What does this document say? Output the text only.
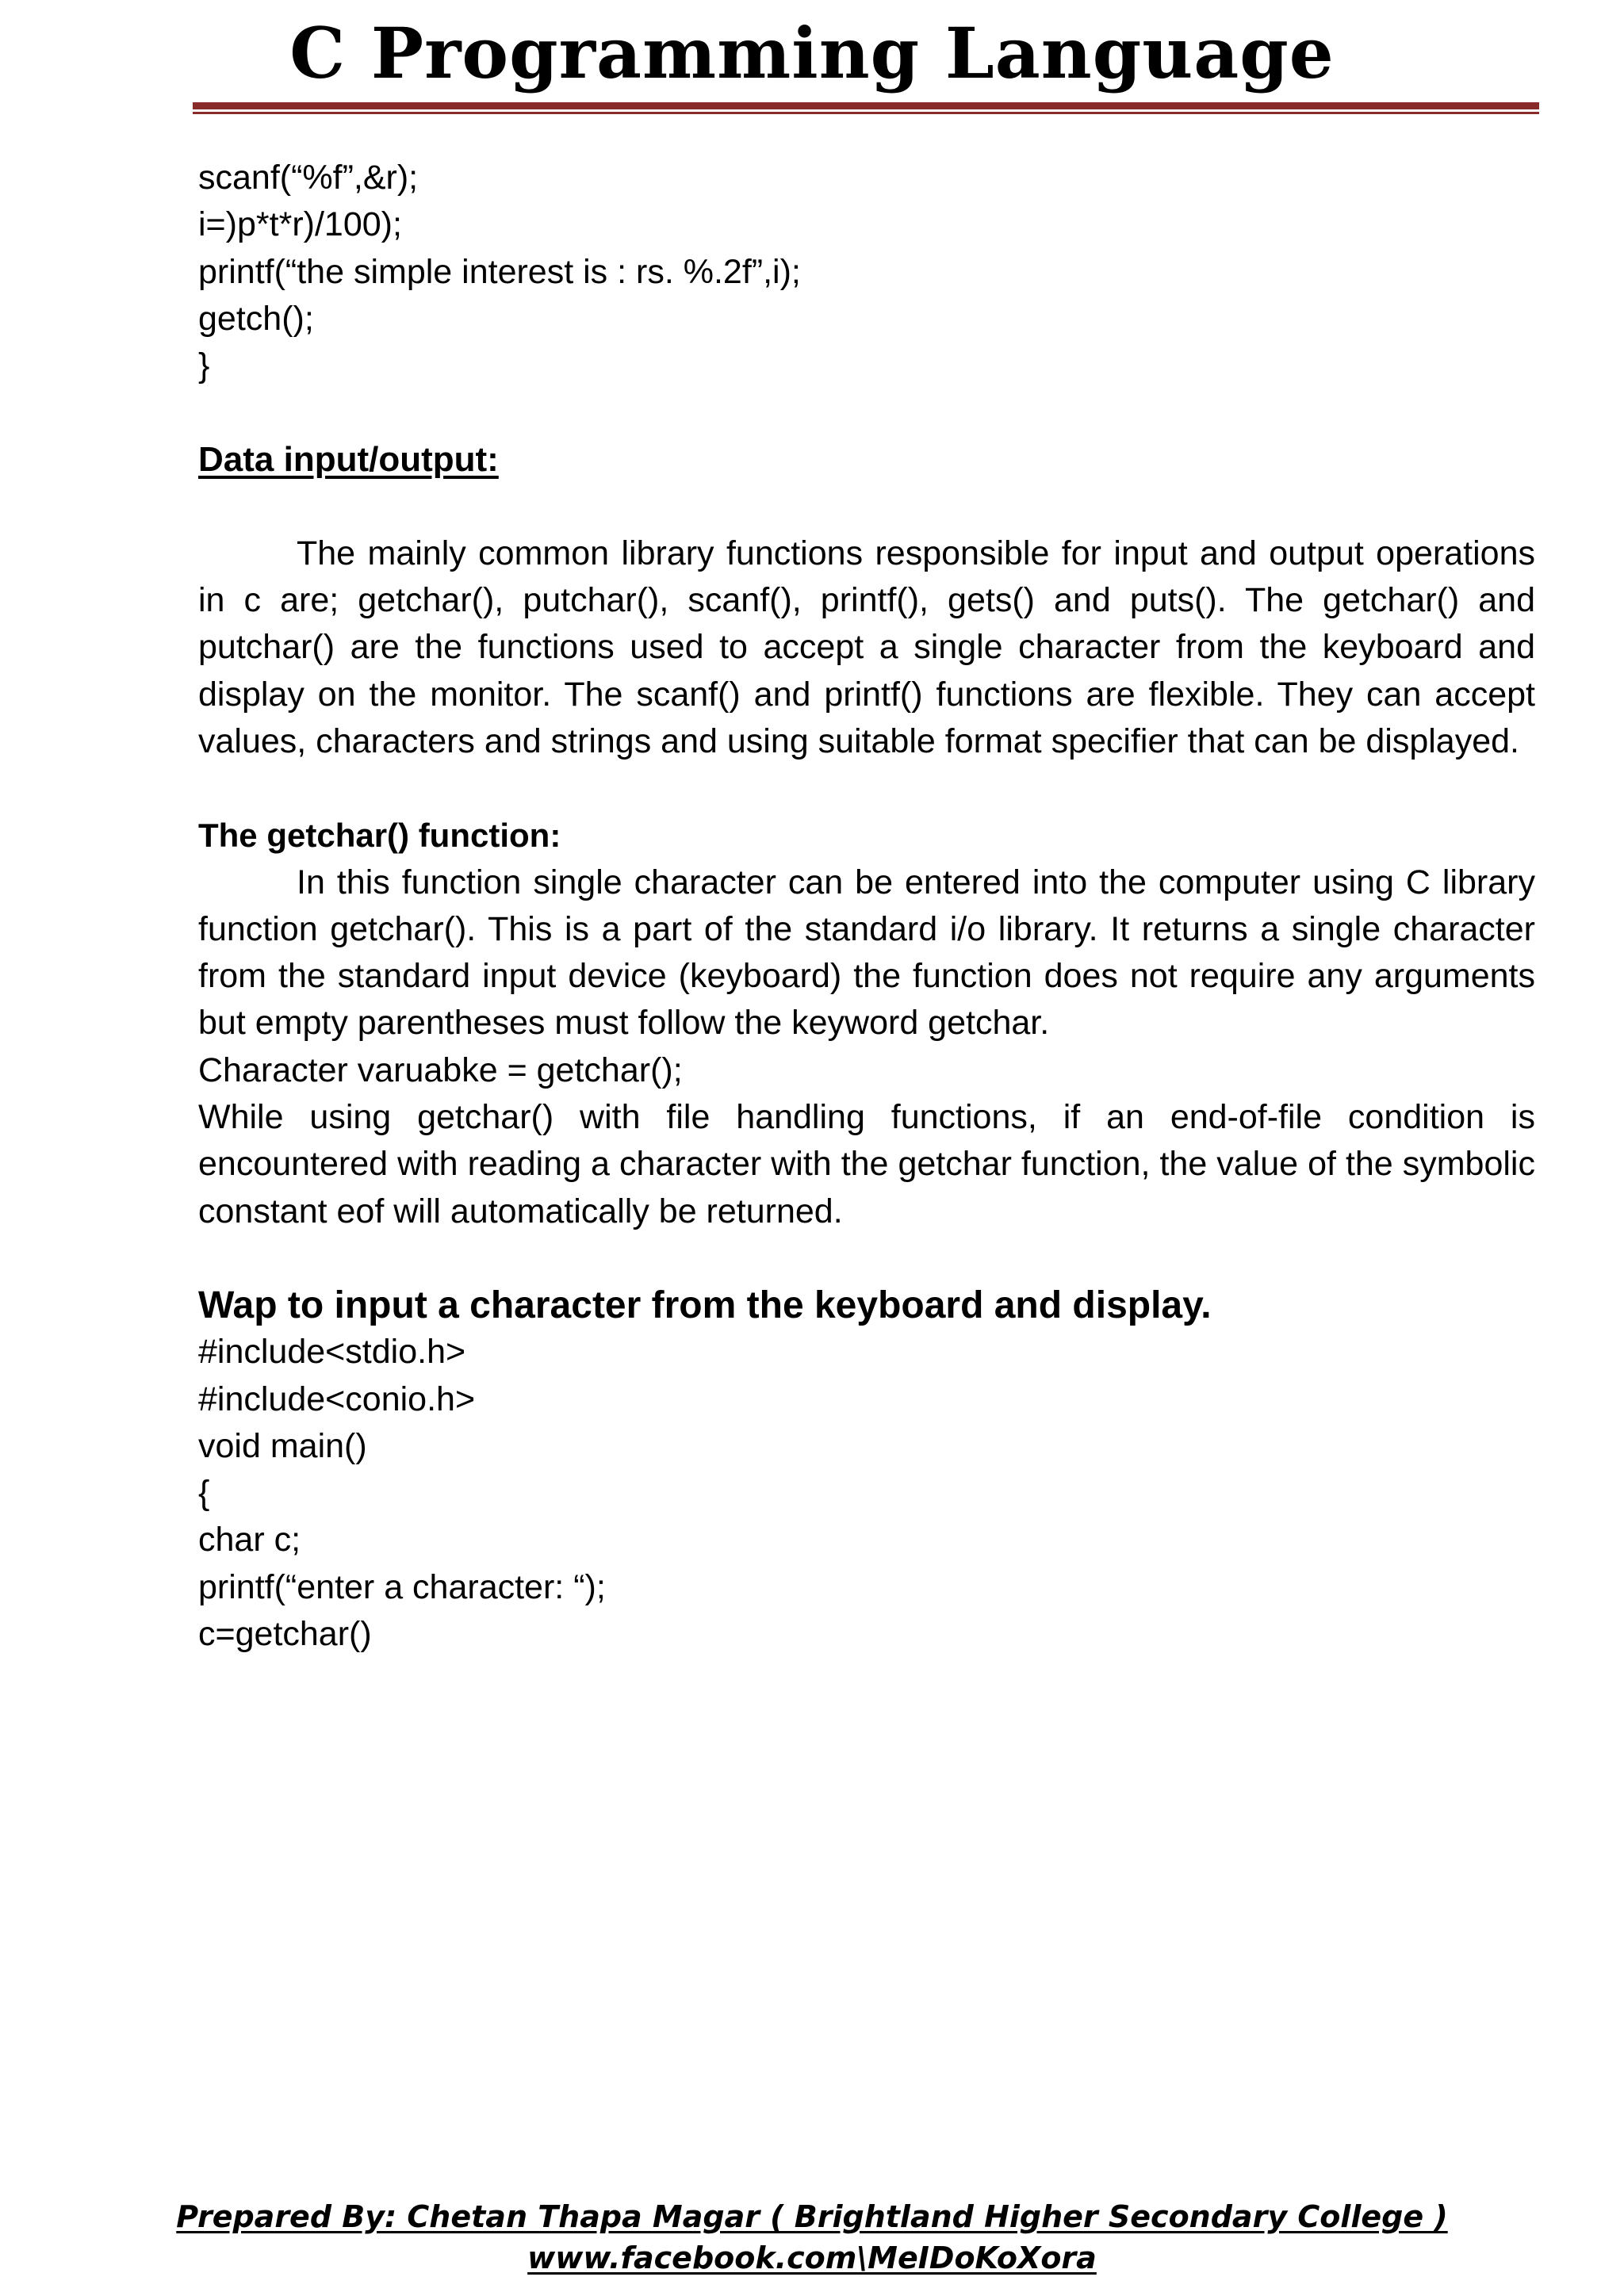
C Programming Language

scanf(“%f”,&r);

i=)p*t*r)/100);

printf(“the simple interest is : rs. %.2f”,i);

getch();

}

Data input/output:

The mainly common library functions responsible for input and output operations in c are; getchar(), putchar(), scanf(), printf(), gets() and puts(). The getchar() and putchar() are the functions used to accept a single character from the keyboard and display on the monitor. The scanf() and printf() functions are flexible. They can accept values, characters and strings and using suitable format specifier that can be displayed.

The getchar() function:

In this function single character can be entered into the computer using C library function getchar(). This is a part of the standard i/o library. It returns a single character from the standard input device (keyboard) the function does not require any arguments but empty parentheses must follow the keyword getchar.

Character varuabke = getchar();

While using getchar() with file handling functions, if an end-of-file condition is encountered with reading a character with the getchar function, the value of the symbolic constant eof will automatically be returned.

Wap to input a character from the keyboard and display.

#include<stdio.h>

#include<conio.h>

void main()

{

char c;

printf(“enter a character: “);

c=getchar()

Prepared By: Chetan Thapa Magar ( Brightland Higher Secondary College )

www.facebook.com\MeIDoKoXora
